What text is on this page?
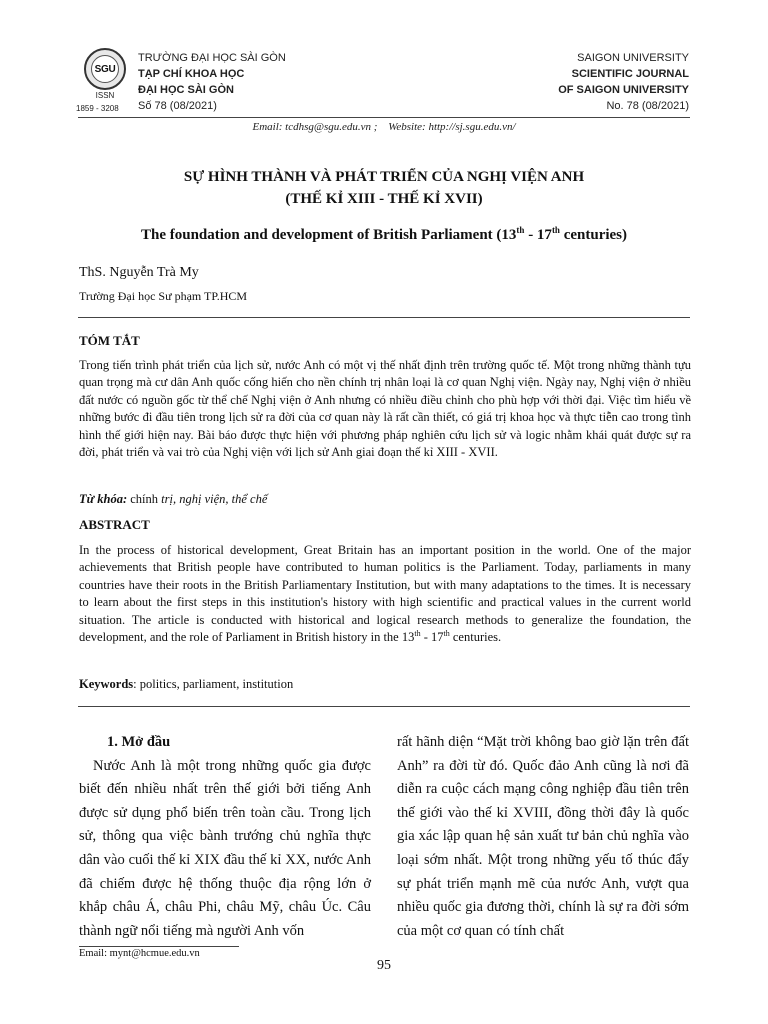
SGU
ISSN
1859 - 3208
TRƯỜNG ĐẠI HỌC SÀI GÒN
TẠP CHÍ KHOA HỌC
ĐẠI HỌC SÀI GÒN
Số 78 (08/2021)
SAIGON UNIVERSITY
SCIENTIFIC JOURNAL
OF SAIGON UNIVERSITY
No. 78 (08/2021)
Email: tcdhsg@sgu.edu.vn ; Website: http://sj.sgu.edu.vn/
SỰ HÌNH THÀNH VÀ PHÁT TRIỂN CỦA NGHỊ VIỆN ANH
(THẾ KỈ XIII - THẾ KỈ XVII)
The foundation and development of British Parliament (13th - 17th centuries)
ThS. Nguyễn Trà My
Trường Đại học Sư phạm TP.HCM
TÓM TẮT
Trong tiến trình phát triển của lịch sử, nước Anh có một vị thế nhất định trên trường quốc tế. Một trong những thành tựu quan trọng mà cư dân Anh quốc cống hiến cho nền chính trị nhân loại là cơ quan Nghị viện. Ngày nay, Nghị viện ở nhiều đất nước có nguồn gốc từ thể chế Nghị viện ở Anh nhưng có nhiều điều chỉnh cho phù hợp với thời đại. Việc tìm hiểu về những bước đi đầu tiên trong lịch sử ra đời của cơ quan này là rất cần thiết, có giá trị khoa học và thực tiễn cao trong tình hình thế giới hiện nay. Bài báo được thực hiện với phương pháp nghiên cứu lịch sử và logic nhằm khái quát được sự ra đời, phát triển và vai trò của Nghị viện với lịch sử Anh giai đoạn thế kỉ XIII - XVII.
Từ khóa: chính trị, nghị viện, thể chế
ABSTRACT
In the process of historical development, Great Britain has an important position in the world. One of the major achievements that British people have contributed to human politics is the Parliament. Today, parliaments in many countries have their roots in the British Parliamentary Institution, but with many adaptations to the times. It is necessary to learn about the first steps in this institution's history with high scientific and practical values in the current world situation. The article is conducted with historical and logical research methods to generalize the foundation, the development, and the role of Parliament in British history in the 13th - 17th centuries.
Keywords: politics, parliament, institution
1. Mở đầu
Nước Anh là một trong những quốc gia được biết đến nhiều nhất trên thế giới bởi tiếng Anh được sử dụng phổ biến trên toàn cầu. Trong lịch sử, thông qua việc bành trướng chủ nghĩa thực dân vào cuối thế kỉ XIX đầu thế kỉ XX, nước Anh đã chiếm được hệ thống thuộc địa rộng lớn ở khắp châu Á, châu Phi, châu Mỹ, châu Úc. Câu thành ngữ nổi tiếng mà người Anh vốn
rất hãnh diện “Mặt trời không bao giờ lặn trên đất Anh” ra đời từ đó. Quốc đảo Anh cũng là nơi đã diễn ra cuộc cách mạng công nghiệp đầu tiên trên thế giới vào thế kỉ XVIII, đồng thời đây là quốc gia xác lập quan hệ sản xuất tư bản chủ nghĩa vào loại sớm nhất. Một trong những yếu tố thúc đẩy sự phát triển mạnh mẽ của nước Anh, vượt qua nhiều quốc gia đương thời, chính là sự ra đời sớm của một cơ quan có tính chất
Email: mynt@hcmue.edu.vn
95
